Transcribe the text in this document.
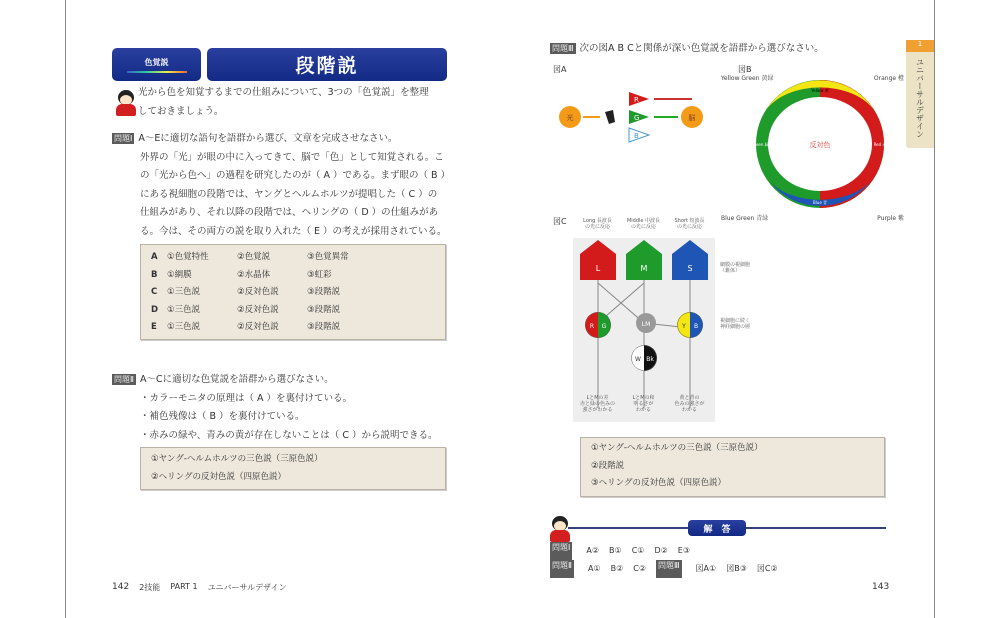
色覚説	段階説
光から色を知覚するまでの仕組みについて、3つの「色覚説」を整理
しておきましょう。
問題Ⅰ A～Eに適切な語句を語群から選び、文章を完成させなさい。
外界の「光」が眼の中に入ってきて、脳で「色」として知覚される。こ
の「光から色へ」の過程を研究したのが（ A ）である。まず眼の（ B ）
にある視細胞の段階では、ヤングとヘルムホルツが提唱した（ C ）の
仕組みがあり、それ以降の段階では、ヘリングの（ D ）の仕組みがあ
る。今は、その両方の説を取り入れた（ E ）の考えが採用されている。
A	①色覚特性	②色覚説	③色覚異常
B	①網膜	②水晶体	③虹彩
C	①三色説	②反対色説	③段階説
D	①三色説	②反対色説	③段階説
E	①三色説	②反対色説	③段階説
問題Ⅱ A～Cに適切な色覚説を語群から選びなさい。
・カラーモニタの原理は（ A ）を裏付けている。
・補色残像は（ B ）を裏付けている。
・赤みの緑や、青みの黄が存在しないことは（ C ）から説明できる。
①ヤング-ヘルムホルツの三色説（三原色説）
②ヘリングの反対色説（四原色説）
142 2技能 PART 1 ユニバーサルデザイン
問題Ⅲ 次の図A B Cと関係が深い色覚説を語群から選びなさい。
図A	図B
光
R
G
B
脳
反対色
Yellow 黄
Red 赤
Blue 青
Green 緑
Yellow Green 黄緑	Orange 橙
Blue Green 青緑	Purple 紫
1
ユニバーサルデザイン
図C
L	M	S
R G	Y B
W Bk
LM
Long 長波長
の光に反応
Middle 中波長
の光に反応
Short 短波長
の光に反応
網膜の視細胞
（錐体）
視細胞に続く
神経細胞の層
LとMの差
赤と緑の色みの
強さがわかる
LとMの和
明るさが
わかる
黄と青の
色みの強さが
わかる
①ヤング-ヘルムホルツの三色説（三原色説）
②段階説
③ヘリングの反対色説（四原色説）
解　答
問題Ⅰ A② B① C① D② E③
問題Ⅱ A① B② C② 問題Ⅲ 図A① 図B③ 図C②
143
